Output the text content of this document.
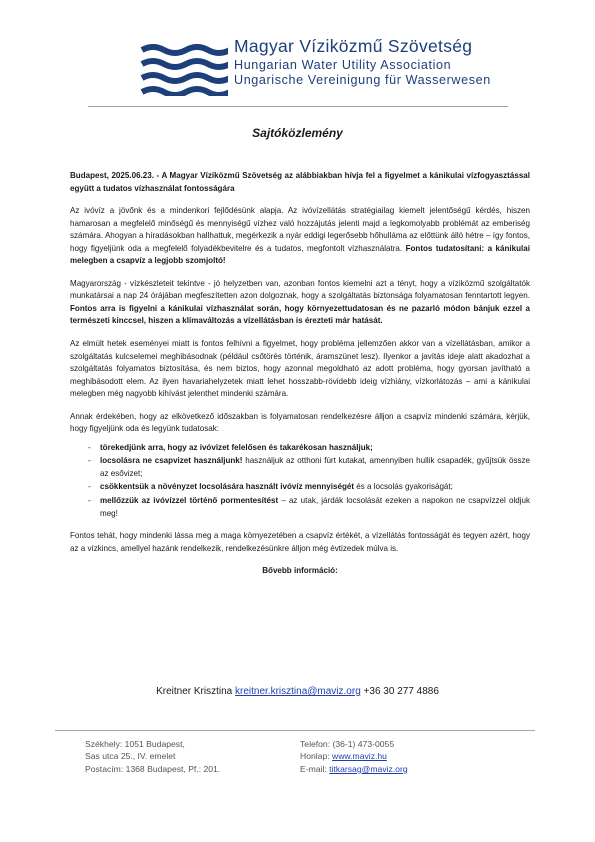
Magyar Víziközmű Szövetség
Hungarian Water Utility Association
Ungarische Vereinigung für Wasserwesen
Sajtóközlemény

Budapest, 2025.06.23. - A Magyar Víziközmű Szövetség az alábbiakban hívja fel a figyelmet a kánikulai vízfogyasztással együtt a tudatos vízhasználat fontosságára

Az ivóvíz a jövőnk és a mindenkori fejlődésünk alapja. Az ivóvízellátás stratégiailag kiemelt jelentőségű kérdés, hiszen hamarosan a megfelelő minőségű és mennyiségű vízhez való hozzájutás jelenti majd a legkomolyabb problémát az emberiség számára. Ahogyan a híradásokban hallhattuk, megérkezik a nyár eddigi legerősebb hőhulláma az előttünk álló hétre – így fontos, hogy figyeljünk oda a megfelelő folyadékbevitelre és a tudatos, megfontolt vízhasználatra. Fontos tudatosítani: a kánikulai melegben a csapvíz a legjobb szomjoltó!

Magyarország - vízkészleteit tekintve - jó helyzetben van, azonban fontos kiemelni azt a tényt, hogy a víziközmű szolgáltatók munkatársai a nap 24 órájában megfeszítetten azon dolgoznak, hogy a szolgáltatás biztonsága folyamatosan fenntartott legyen. Fontos arra is figyelni a kánikulai vízhasználat során, hogy környezettudatosan és ne pazarló módon bánjuk ezzel a természeti kinccsel, hiszen a klímaváltozás a vízellátásban is érezteti már hatását.

Az elmúlt hetek eseményei miatt is fontos felhívni a figyelmet, hogy probléma jellemzően akkor van a vízellátásban, amikor a szolgáltatás kulcselemei meghibásodnak (például csőtörés történik, áramszünet lesz). Ilyenkor a javítás ideje alatt akadozhat a szolgáltatás folyamatos biztosítása, és nem biztos, hogy azonnal megoldható az adott probléma, hogy gyorsan javítható a meghibásodott elem. Az ilyen havariahelyzetek miatt lehet hosszabb-rövidebb ideig vízhiány, vízkorlátozás – ami a kánikulai melegben még nagyobb kihívást jelenthet mindenki számára.

Annak érdekében, hogy az elkövetkező időszakban is folyamatosan rendelkezésre álljon a csapvíz mindenki számára, kérjük, hogy figyeljünk oda és legyünk tudatosak:

- törekedjünk arra, hogy az ivóvizet felelősen és takarékosan használjuk;
- locsolásra ne csapvizet használjunk! használjuk az otthoni fúrt kutakat, amennyiben hullik csapadék, gyűjtsük össze az esővizet;
- csökkentsük a növényzet locsolására használt ivóvíz mennyiségét és a locsolás gyakoriságát;
- mellőzzük az ivóvízzel történő pormentesítést – az utak, járdák locsolását ezeken a napokon ne csapvízzel oldjuk meg!

Fontos tehát, hogy mindenki lássa meg a maga környezetében a csapvíz értékét, a vízellátás fontosságát és tegyen azért, hogy az a vízkincs, amellyel hazánk rendelkezik, rendelkezésünkre álljon még évtizedek múlva is.

Bővebb információ:
Kreitner Krisztina kreitner.krisztina@maviz.org +36 30 277 4886
Székhely: 1051 Budapest,
Sas utca 25., IV. emelet
Postacím: 1368 Budapest, Pf.: 201.
Telefon: (36-1) 473-0055
Honlap: www.maviz.hu
E-mail: titkarsag@maviz.org
